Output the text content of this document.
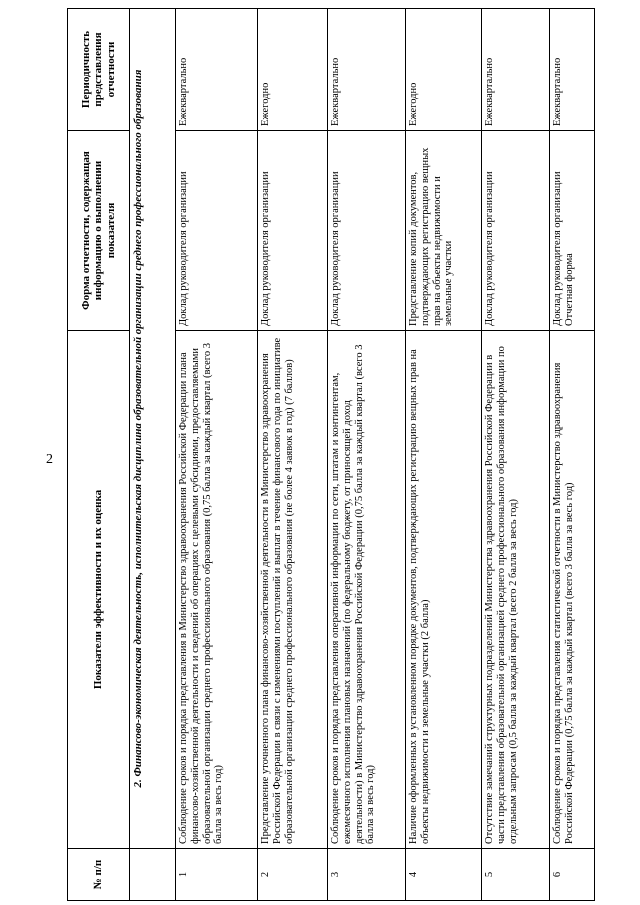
2
№ п/п	Показатели эффективности и их оценка	Форма отчетности, содержащая информацию о выполнении показателя	Периодичность представления отчетности
	2. Финансово-экономическая деятельность, исполнительская дисциплина образовательной организации среднего профессионального образования		
1	Соблюдение сроков и порядка представления в Министерство здравоохранения Российской Федерации плана финансово-хозяйственной деятельности и сведений об операциях с целевыми субсидиями, предоставляемыми образовательной организации среднего профессионального образования (0,75 балла за каждый квартал (всего 3 балла за весь год)	Доклад руководителя организации	Ежеквартально
2	Представление уточненного плана финансово-хозяйственной деятельности в Министерство здравоохранения Российской Федерации в связи с изменениями поступлений и выплат в течение финансового года по инициативе образовательной организации среднего профессионального образования (не более 4 заявок в год) (7 баллов)	Доклад руководителя организации	Ежегодно
3	Соблюдение сроков и порядка представления оперативной информации по сети, штатам и контингентам, ежемесячного исполнения плановых назначений (по федеральному бюджету, от приносящей доход деятельности) в Министерство здравоохранения Российской Федерации (0,75 балла за каждый квартал (всего 3 балла за весь год)	Доклад руководителя организации	Ежеквартально
4	Наличие оформленных в установленном порядке документов, подтверждающих регистрацию вещных прав на объекты недвижимости и земельные участки (2 балла)	Представление копий документов, подтверждающих регистрацию вещных прав на объекты недвижимости и земельные участки	Ежегодно
5	Отсутствие замечаний структурных подразделений Министерства здравоохранения Российской Федерации в части представления образовательной организацией среднего профессионального образования информации по отдельным запросам (0,5 балла за каждый квартал (всего 2 балла за весь год)	Доклад руководителя организации	Ежеквартально
6	Соблюдение сроков и порядка представления статистической отчетности в Министерство здравоохранения Российской Федерации (0,75 балла за каждый квартал (всего 3 балла за весь год)	Доклад руководителя организации Отчетная форма	Ежеквартально
